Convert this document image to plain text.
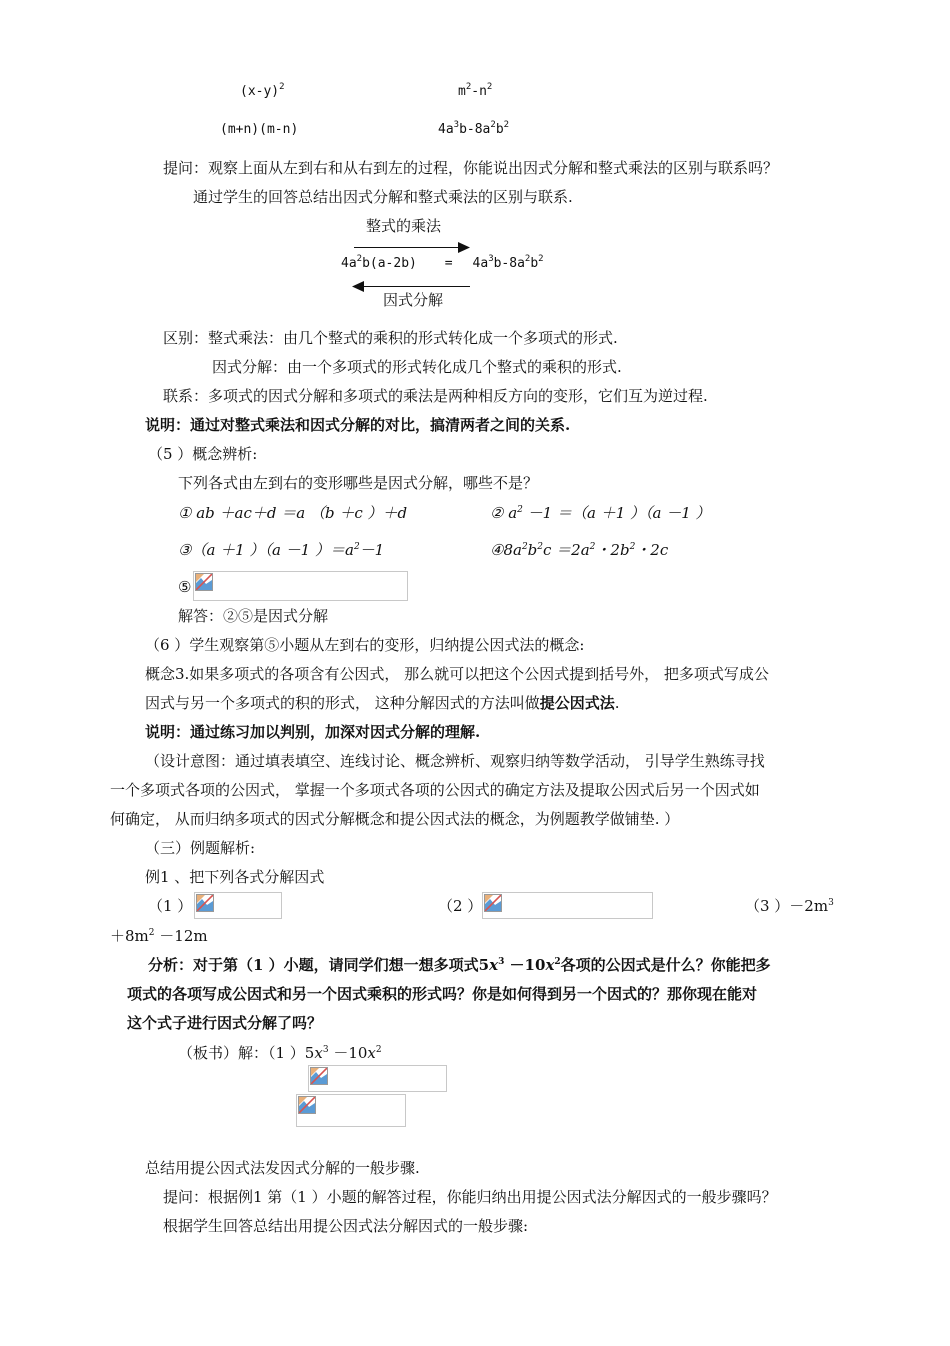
$(x-y)^2$	$m^2-n^2$
(m+n)(m-n)	$4a^3b-8a^2b^2$
提问：观察上面从左到右和从右到左的过程，你能说出因式分解和整式乘法的区别与联系吗？
通过学生的回答总结出因式分解和整式乘法的区别与联系.
整式的乘法
$4a^2b(a-2b) = 4a^3b-8a^2b^2$
因式分解
区别：整式乘法：由几个整式的乘积的形式转化成一个多项式的形式.
因式分解：由一个多项式的形式转化成几个整式的乘积的形式.
联系：多项式的因式分解和多项式的乘法是两种相反方向的变形，它们互为逆过程.
说明：通过对整式乘法和因式分解的对比，搞清两者之间的关系.
（5 ）概念辨析:
下列各式由左到右的变形哪些是因式分解，哪些不是？
① ab ＋ac＋d ＝a （b ＋c ）＋d	② $a^2 -1 =(a +1$ ）（a －1 ）
③（a ＋1 ）（a －1 ）$=a^2-1$	$④8a^2b^2c =2a^2$・$2b^2$・2c
⑤
解答：②⑤是因式分解
（6 ）学生观察第⑤小题从左到右的变形，归纳提公因式法的概念:
概念3.如果多项式的各项含有公因式， 那么就可以把这个公因式提到括号外， 把多项式写成公
因式与另一个多项式的积的形式， 这种分解因式的方法叫做提公因式法.
说明：通过练习加以判别，加深对因式分解的理解.
（设计意图：通过填表填空、连线讨论、概念辨析、观察归纳等数学活动， 引导学生熟练寻找
一个多项式各项的公因式， 掌握一个多项式各项的公因式的确定方法及提取公因式后另一个因式如
何确定， 从而归纳多项式的因式分解概念和提公因式法的概念，为例题教学做铺垫. ）
（三）例题解析:
例1 、把下列各式分解因式
（1 ）	（2 ）	（3 ）$-2m^3$
$+8m^2 -12m$
分析：对于第（1 ）小题，请同学们想一想多项式$5x^3 -10x^2$各项的公因式是什么？你能把多
项式的各项写成公因式和另一个因式乘积的形式吗？你是如何得到另一个因式的？那你现在能对
这个式子进行因式分解了吗？
（板书）解：（1 ）$5x^3 -10x^2$
总结用提公因式法发因式分解的一般步骤.
提问：根据例1 第（1 ）小题的解答过程，你能归纳出用提公因式法分解因式的一般步骤吗？
根据学生回答总结出用提公因式法分解因式的一般步骤:
